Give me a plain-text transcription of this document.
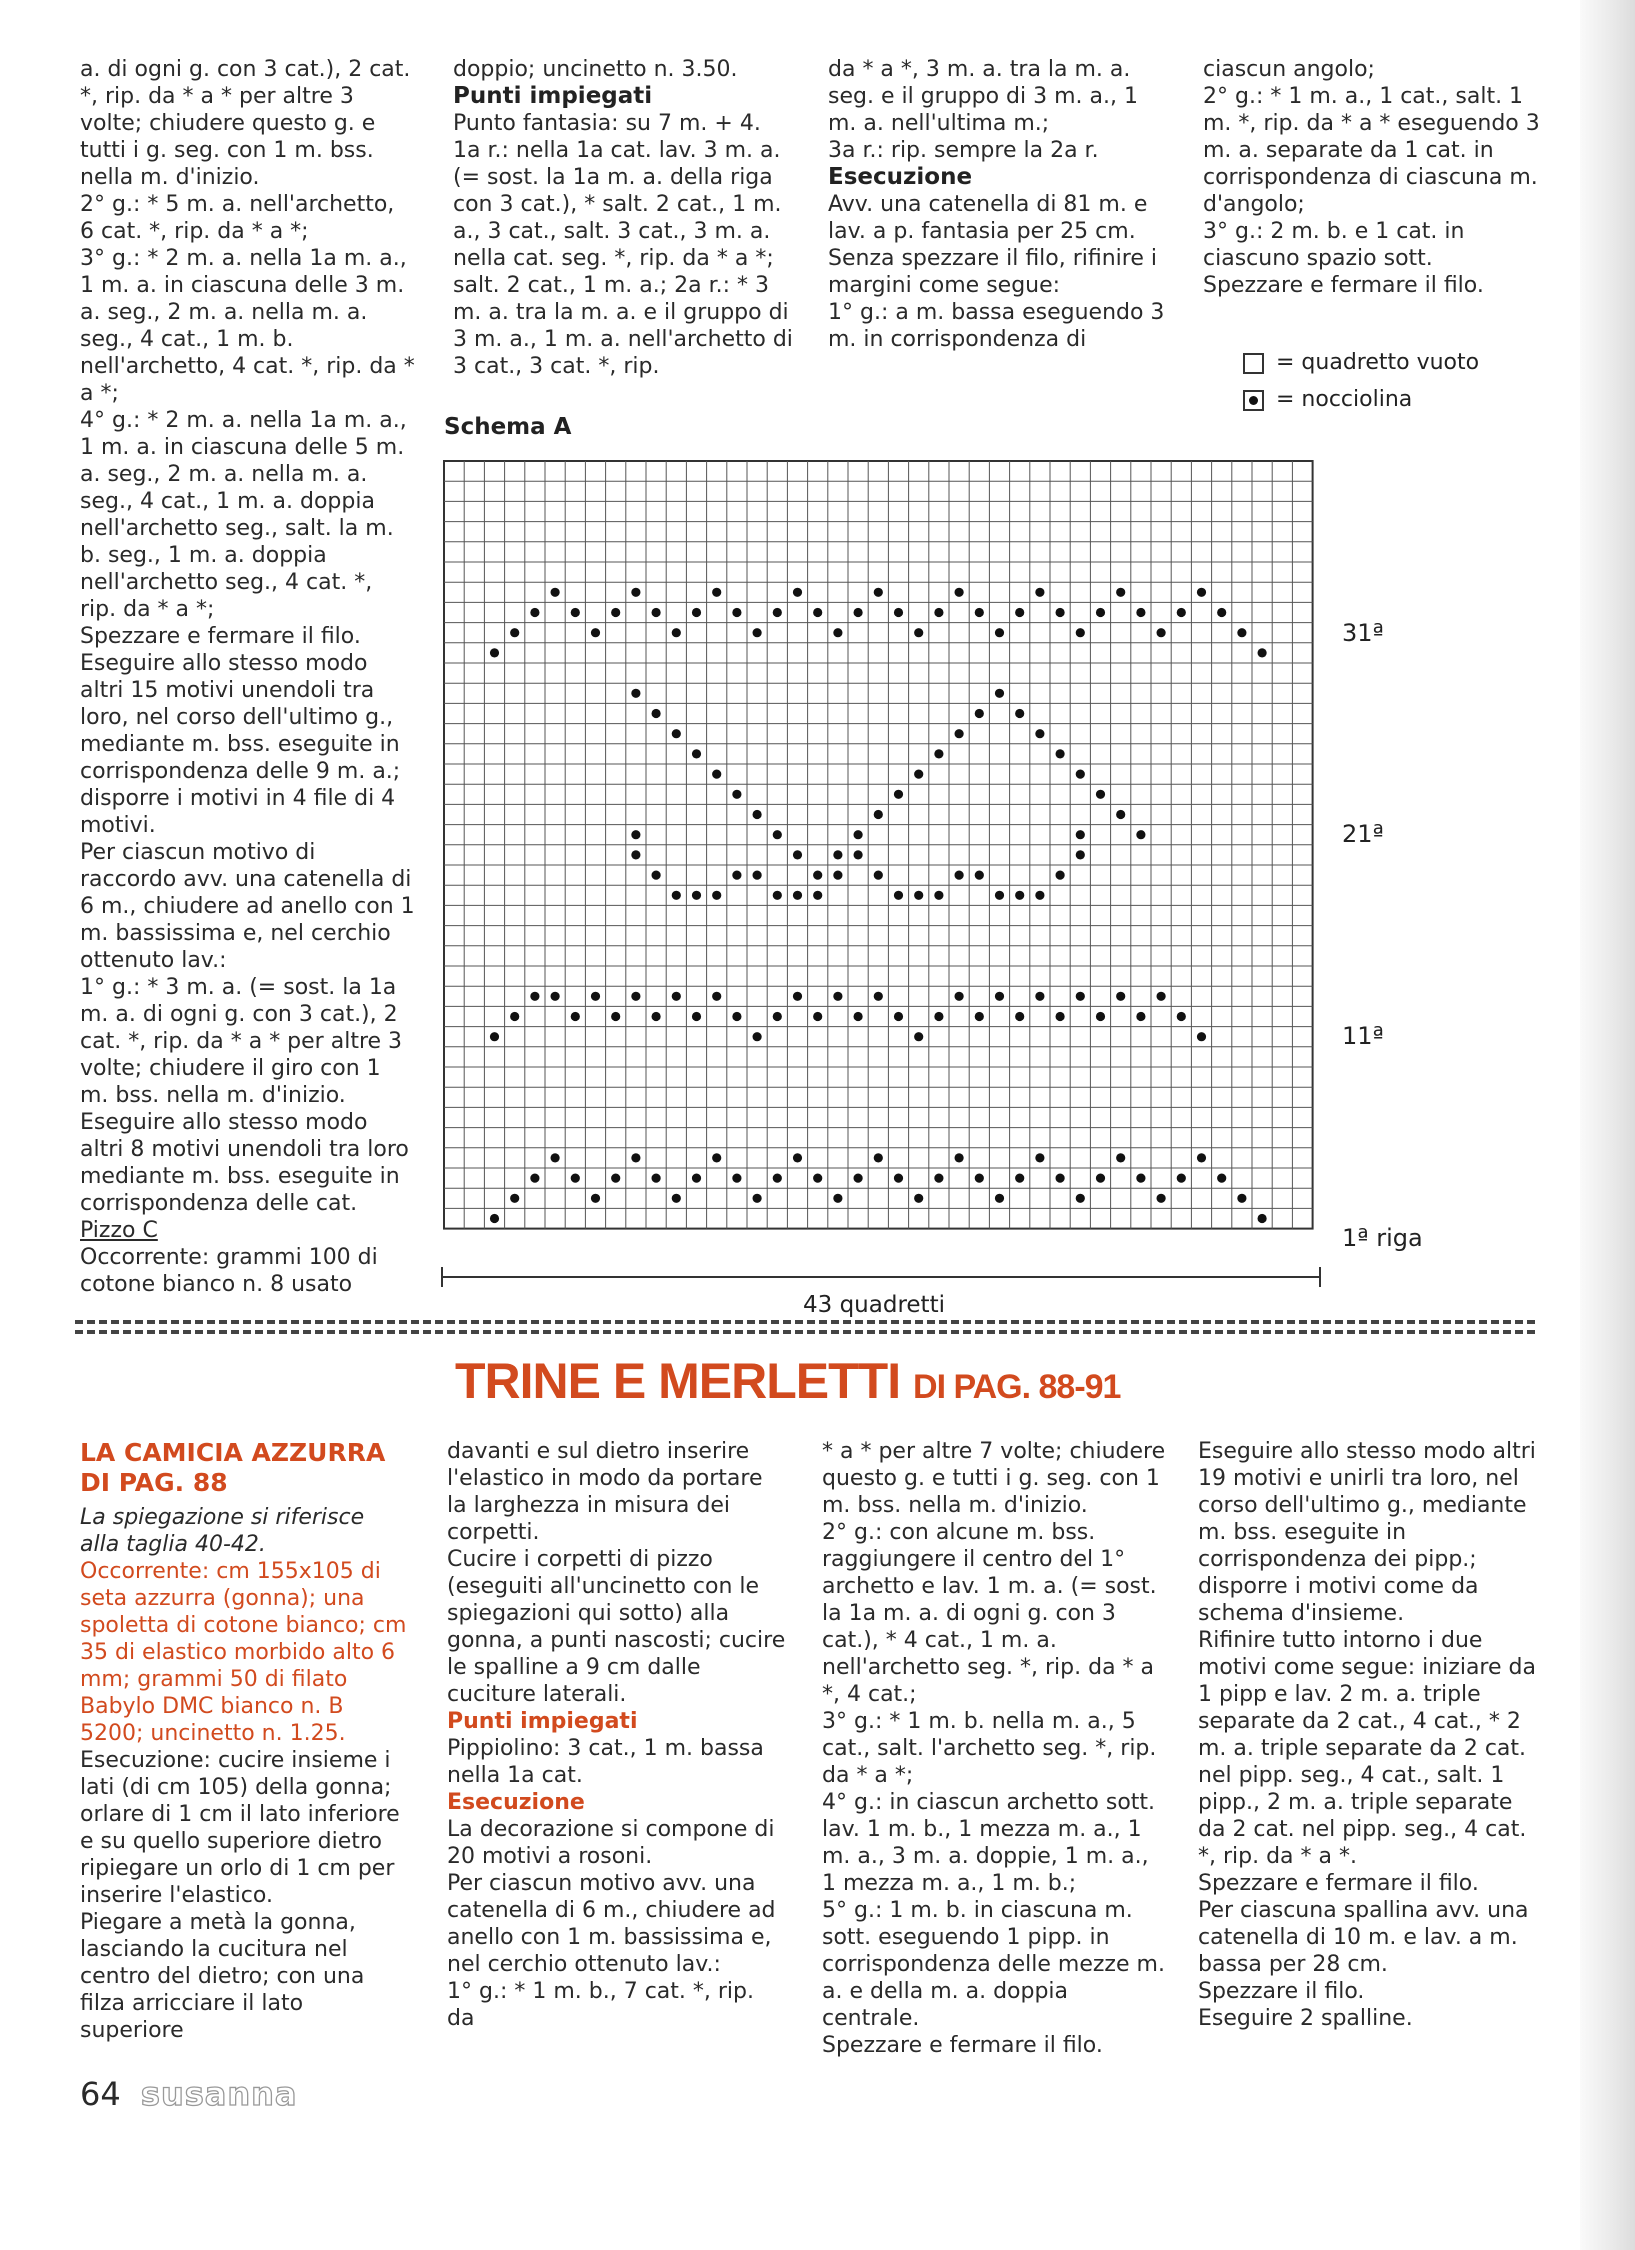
a. di ogni g. con 3 cat.), 2 cat. *, rip. da * a * per altre 3 volte; chiudere questo g. e tutti i g. seg. con 1 m. bss. nella m. d'inizio.

2° g.: * 5 m. a. nell'archetto, 6 cat. *, rip. da * a *;

3° g.: * 2 m. a. nella 1a m. a., 1 m. a. in ciascuna delle 3 m. a. seg., 2 m. a. nella m. a. seg., 4 cat., 1 m. b. nell'archetto, 4 cat. *, rip. da * a *;

4° g.: * 2 m. a. nella 1a m. a., 1 m. a. in ciascuna delle 5 m. a. seg., 2 m. a. nella m. a. seg., 4 cat., 1 m. a. doppia nell'archetto seg., salt. la m. b. seg., 1 m. a. doppia nell'archetto seg., 4 cat. *, rip. da * a *;

Spezzare e fermare il filo.

Eseguire allo stesso modo altri 15 motivi unendoli tra loro, nel corso dell'ultimo g., mediante m. bss. eseguite in corrispondenza delle 9 m. a.; disporre i motivi in 4 file di 4 motivi.

Per ciascun motivo di raccordo avv. una catenella di 6 m., chiudere ad anello con 1 m. bassissima e, nel cerchio ottenuto lav.:

1° g.: * 3 m. a. (= sost. la 1a m. a. di ogni g. con 3 cat.), 2 cat. *, rip. da * a * per altre 3 volte; chiudere il giro con 1 m. bss. nella m. d'inizio.

Eseguire allo stesso modo altri 8 motivi unendoli tra loro mediante m. bss. eseguite in corrispondenza delle cat.

Pizzo C

Occorrente: grammi 100 di cotone bianco n. 8 usato

doppio; uncinetto n. 3.50.

Punti impiegati

Punto fantasia: su 7 m. + 4.

1a r.: nella 1a cat. lav. 3 m. a. (= sost. la 1a m. a. della riga con 3 cat.), * salt. 2 cat., 1 m. a., 3 cat., salt. 3 cat., 3 m. a. nella cat. seg. *, rip. da * a *; salt. 2 cat., 1 m. a.; 2a r.: * 3 m. a. tra la m. a. e il gruppo di 3 m. a., 1 m. a. nell'archetto di 3 cat., 3 cat. *, rip.

da * a *, 3 m. a. tra la m. a. seg. e il gruppo di 3 m. a., 1 m. a. nell'ultima m.;

3a r.: rip. sempre la 2a r.

Esecuzione

Avv. una catenella di 81 m. e lav. a p. fantasia per 25 cm.

Senza spezzare il filo, rifinire i margini come segue:

1° g.: a m. bassa eseguendo 3 m. in corrispondenza di

ciascun angolo;

2° g.: * 1 m. a., 1 cat., salt. 1 m. *, rip. da * a * eseguendo 3 m. a. separate da 1 cat. in corrispondenza di ciascuna m. d'angolo;

3° g.: 2 m. b. e 1 cat. in ciascuno spazio sott.

Spezzare e fermare il filo.

= quadretto vuoto
= nocciolina
Schema A
31ª
21ª
11ª
1ª riga
43 quadretti
TRINE E MERLETTI DI PAG. 88-91

LA CAMICIA AZZURRA DI PAG. 88

La spiegazione si riferisce alla taglia 40-42.

Occorrente: cm 155x105 di seta azzurra (gonna); una spoletta di cotone bianco; cm 35 di elastico morbido alto 6 mm; grammi 50 di filato Babylo DMC bianco n. B 5200; uncinetto n. 1.25.

Esecuzione: cucire insieme i lati (di cm 105) della gonna; orlare di 1 cm il lato inferiore e su quello superiore dietro ripiegare un orlo di 1 cm per inserire l'elastico.

Piegare a metà la gonna, lasciando la cucitura nel centro del dietro; con una filza arricciare il lato superiore

davanti e sul dietro inserire l'elastico in modo da portare la larghezza in misura dei corpetti.

Cucire i corpetti di pizzo (eseguiti all'uncinetto con le spiegazioni qui sotto) alla gonna, a punti nascosti; cucire le spalline a 9 cm dalle cuciture laterali.

Punti impiegati

Pippiolino: 3 cat., 1 m. bassa nella 1a cat.

Esecuzione

La decorazione si compone di 20 motivi a rosoni.

Per ciascun motivo avv. una catenella di 6 m., chiudere ad anello con 1 m. bassissima e, nel cerchio ottenuto lav.:

1° g.: * 1 m. b., 7 cat. *, rip. da

* a * per altre 7 volte; chiudere questo g. e tutti i g. seg. con 1 m. bss. nella m. d'inizio.

2° g.: con alcune m. bss. raggiungere il centro del 1° archetto e lav. 1 m. a. (= sost. la 1a m. a. di ogni g. con 3 cat.), * 4 cat., 1 m. a. nell'archetto seg. *, rip. da * a *, 4 cat.;

3° g.: * 1 m. b. nella m. a., 5 cat., salt. l'archetto seg. *, rip. da * a *;

4° g.: in ciascun archetto sott. lav. 1 m. b., 1 mezza m. a., 1 m. a., 3 m. a. doppie, 1 m. a., 1 mezza m. a., 1 m. b.;

5° g.: 1 m. b. in ciascuna m. sott. eseguendo 1 pipp. in corrispondenza delle mezze m. a. e della m. a. doppia centrale.

Spezzare e fermare il filo.

Eseguire allo stesso modo altri 19 motivi e unirli tra loro, nel corso dell'ultimo g., mediante m. bss. eseguite in corrispondenza dei pipp.; disporre i motivi come da schema d'insieme.

Rifinire tutto intorno i due motivi come segue: iniziare da 1 pipp e lav. 2 m. a. triple separate da 2 cat., 4 cat., * 2 m. a. triple separate da 2 cat. nel pipp. seg., 4 cat., salt. 1 pipp., 2 m. a. triple separate da 2 cat. nel pipp. seg., 4 cat. *, rip. da * a *.

Spezzare e fermare il filo.

Per ciascuna spallina avv. una catenella di 10 m. e lav. a m. bassa per 28 cm.

Spezzare il filo.

Eseguire 2 spalline.

64 susanna
